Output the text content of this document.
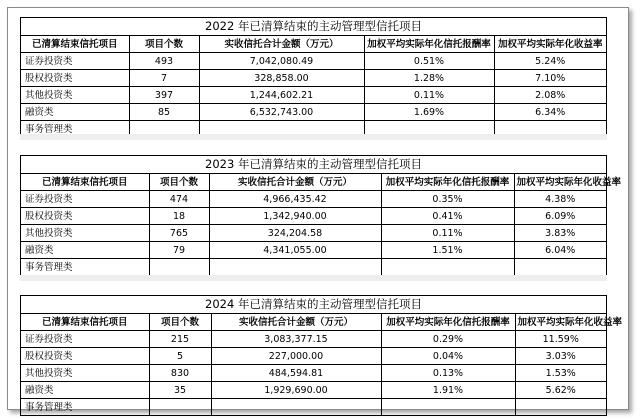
2022 年已清算结束的主动管理型信托项目
已清算结束信托项目	项目个数	实收信托合计金额（万元）	加权平均实际年化信托报酬率	加权平均实际年化收益率
证券投资类	493	7,042,080.49	0.51%	5.24%
股权投资类	7	328,858.00	1.28%	7.10%
其他投资类	397	1,244,602.21	0.11%	2.08%
融资类	85	6,532,743.00	1.69%	6.34%
事务管理类				
2023 年已清算结束的主动管理型信托项目
已清算结束信托项目	项目个数	实收信托合计金额（万元）	加权平均实际年化信托报酬率	加权平均实际年化收益率
证券投资类	474	4,966,435.42	0.35%	4.38%
股权投资类	18	1,342,940.00	0.41%	6.09%
其他投资类	765	324,204.58	0.11%	3.83%
融资类	79	4,341,055.00	1.51%	6.04%
事务管理类				
2024 年已清算结束的主动管理型信托项目
已清算结束信托项目	项目个数	实收信托合计金额（万元）	加权平均实际年化信托报酬率	加权平均实际年化收益率
证券投资类	215	3,083,377.15	0.29%	11.59%
股权投资类	5	227,000.00	0.04%	3.03%
其他投资类	830	484,594.81	0.13%	1.53%
融资类	35	1,929,690.00	1.91%	5.62%
事务管理类				
